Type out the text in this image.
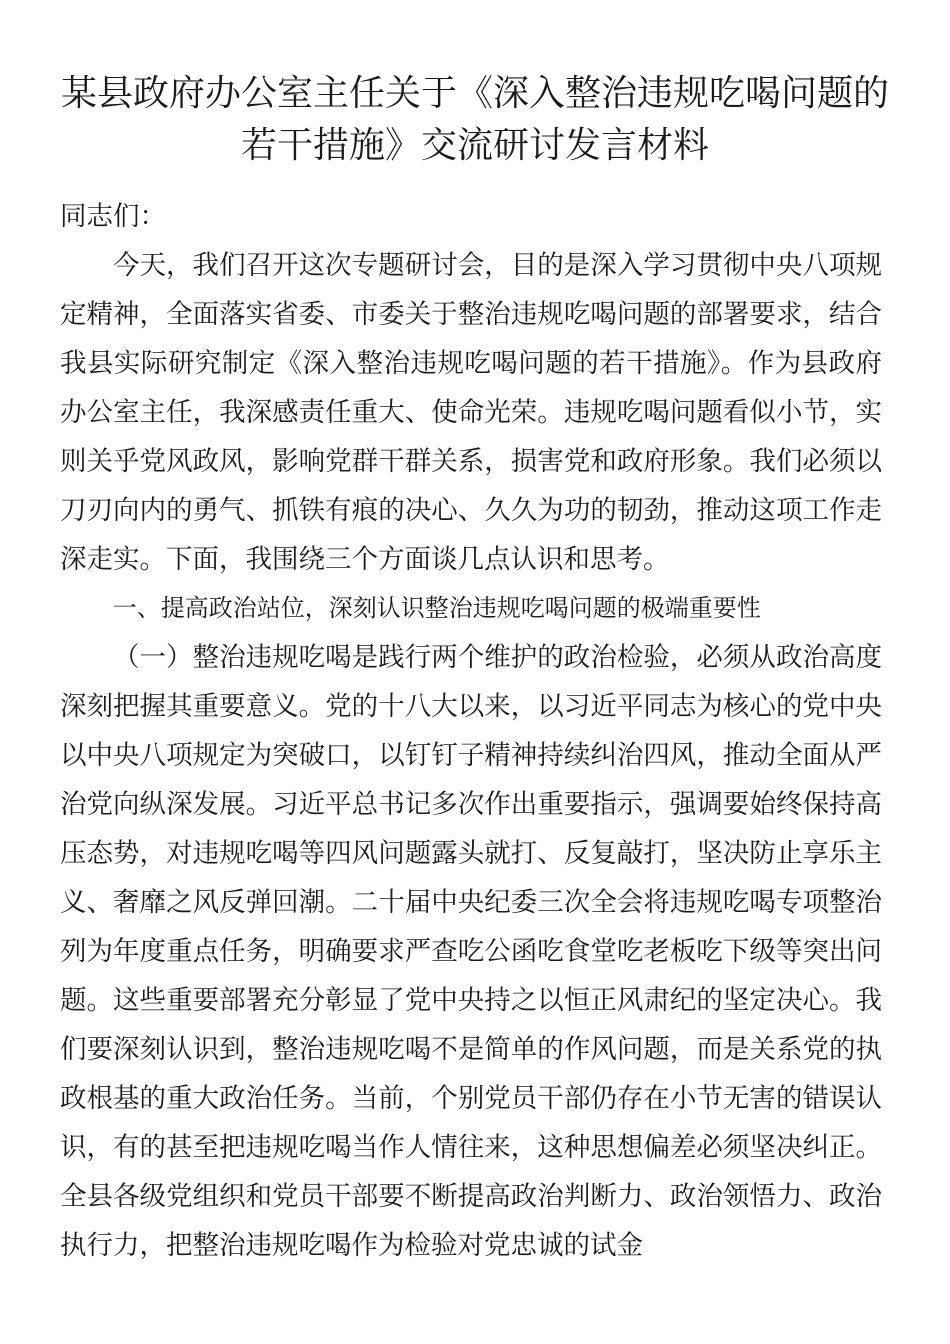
某县政府办公室主任关于《深入整治违规吃喝问题的
若干措施》交流研讨发言材料

同志们：

今天，我们召开这次专题研讨会，目的是深入学习贯彻中央八项规定精神，全面落实省委、市委关于整治违规吃喝问题的部署要求，结合我县实际研究制定《深入整治违规吃喝问题的若干措施》。作为县政府办公室主任，我深感责任重大、使命光荣。违规吃喝问题看似小节，实则关乎党风政风，影响党群干群关系，损害党和政府形象。我们必须以刀刃向内的勇气、抓铁有痕的决心、久久为功的韧劲，推动这项工作走深走实。下面，我围绕三个方面谈几点认识和思考。

一、提高政治站位，深刻认识整治违规吃喝问题的极端重要性

（一）整治违规吃喝是践行两个维护的政治检验，必须从政治高度深刻把握其重要意义。党的十八大以来，以习近平同志为核心的党中央以中央八项规定为突破口，以钉钉子精神持续纠治四风，推动全面从严治党向纵深发展。习近平总书记多次作出重要指示，强调要始终保持高压态势，对违规吃喝等四风问题露头就打、反复敲打，坚决防止享乐主义、奢靡之风反弹回潮。二十届中央纪委三次全会将违规吃喝专项整治列为年度重点任务，明确要求严查吃公函吃食堂吃老板吃下级等突出问题。这些重要部署充分彰显了党中央持之以恒正风肃纪的坚定决心。我们要深刻认识到，整治违规吃喝不是简单的作风问题，而是关系党的执政根基的重大政治任务。当前，个别党员干部仍存在小节无害的错误认识，有的甚至把违规吃喝当作人情往来，这种思想偏差必须坚决纠正。全县各级党组织和党员干部要不断提高政治判断力、政治领悟力、政治执行力，把整治违规吃喝作为检验对党忠诚的试金
